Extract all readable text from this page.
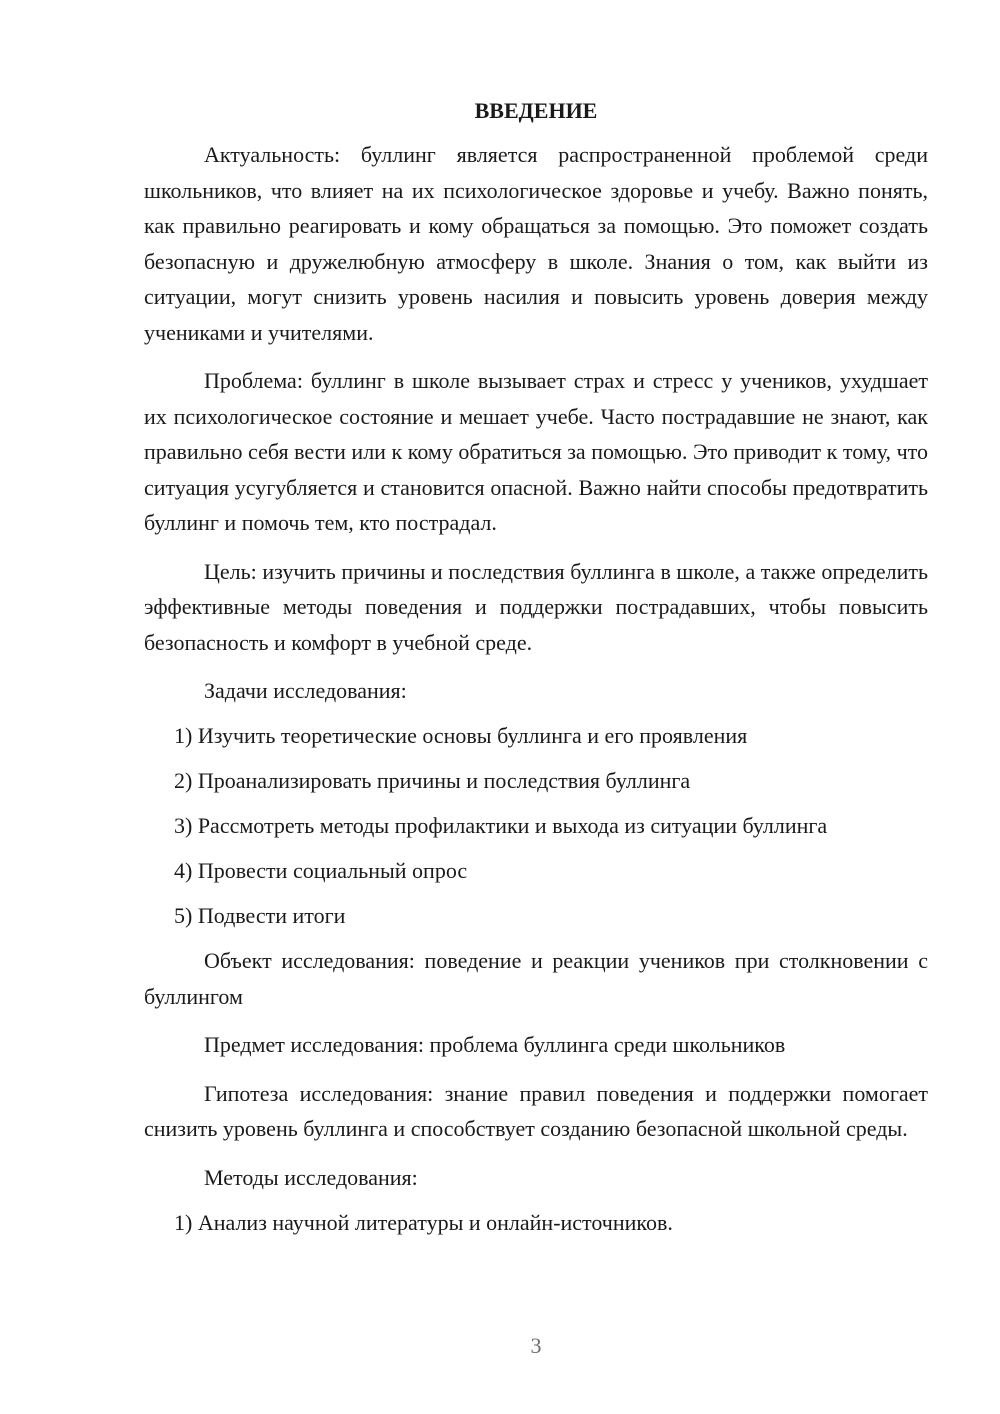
ВВЕДЕНИЕ

Актуальность: буллинг является распространенной проблемой среди школьников, что влияет на их психологическое здоровье и учебу. Важно понять, как правильно реагировать и кому обращаться за помощью. Это поможет создать безопасную и дружелюбную атмосферу в школе. Знания о том, как выйти из ситуации, могут снизить уровень насилия и повысить уровень доверия между учениками и учителями.

Проблема: буллинг в школе вызывает страх и стресс у учеников, ухудшает их психологическое состояние и мешает учебе. Часто пострадавшие не знают, как правильно себя вести или к кому обратиться за помощью. Это приводит к тому, что ситуация усугубляется и становится опасной. Важно найти способы предотвратить буллинг и помочь тем, кто пострадал.

Цель: изучить причины и последствия буллинга в школе, а также определить эффективные методы поведения и поддержки пострадавших, чтобы повысить безопасность и комфорт в учебной среде.

Задачи исследования:
1) Изучить теоретические основы буллинга и его проявления
2) Проанализировать причины и последствия буллинга
3) Рассмотреть методы профилактики и выхода из ситуации буллинга
4) Провести социальный опрос
5) Подвести итоги

Объект исследования: поведение и реакции учеников при столкновении с буллингом

Предмет исследования: проблема буллинга среди школьников

Гипотеза исследования: знание правил поведения и поддержки помогает снизить уровень буллинга и способствует созданию безопасной школьной среды.

Методы исследования:
1) Анализ научной литературы и онлайн-источников.
3
